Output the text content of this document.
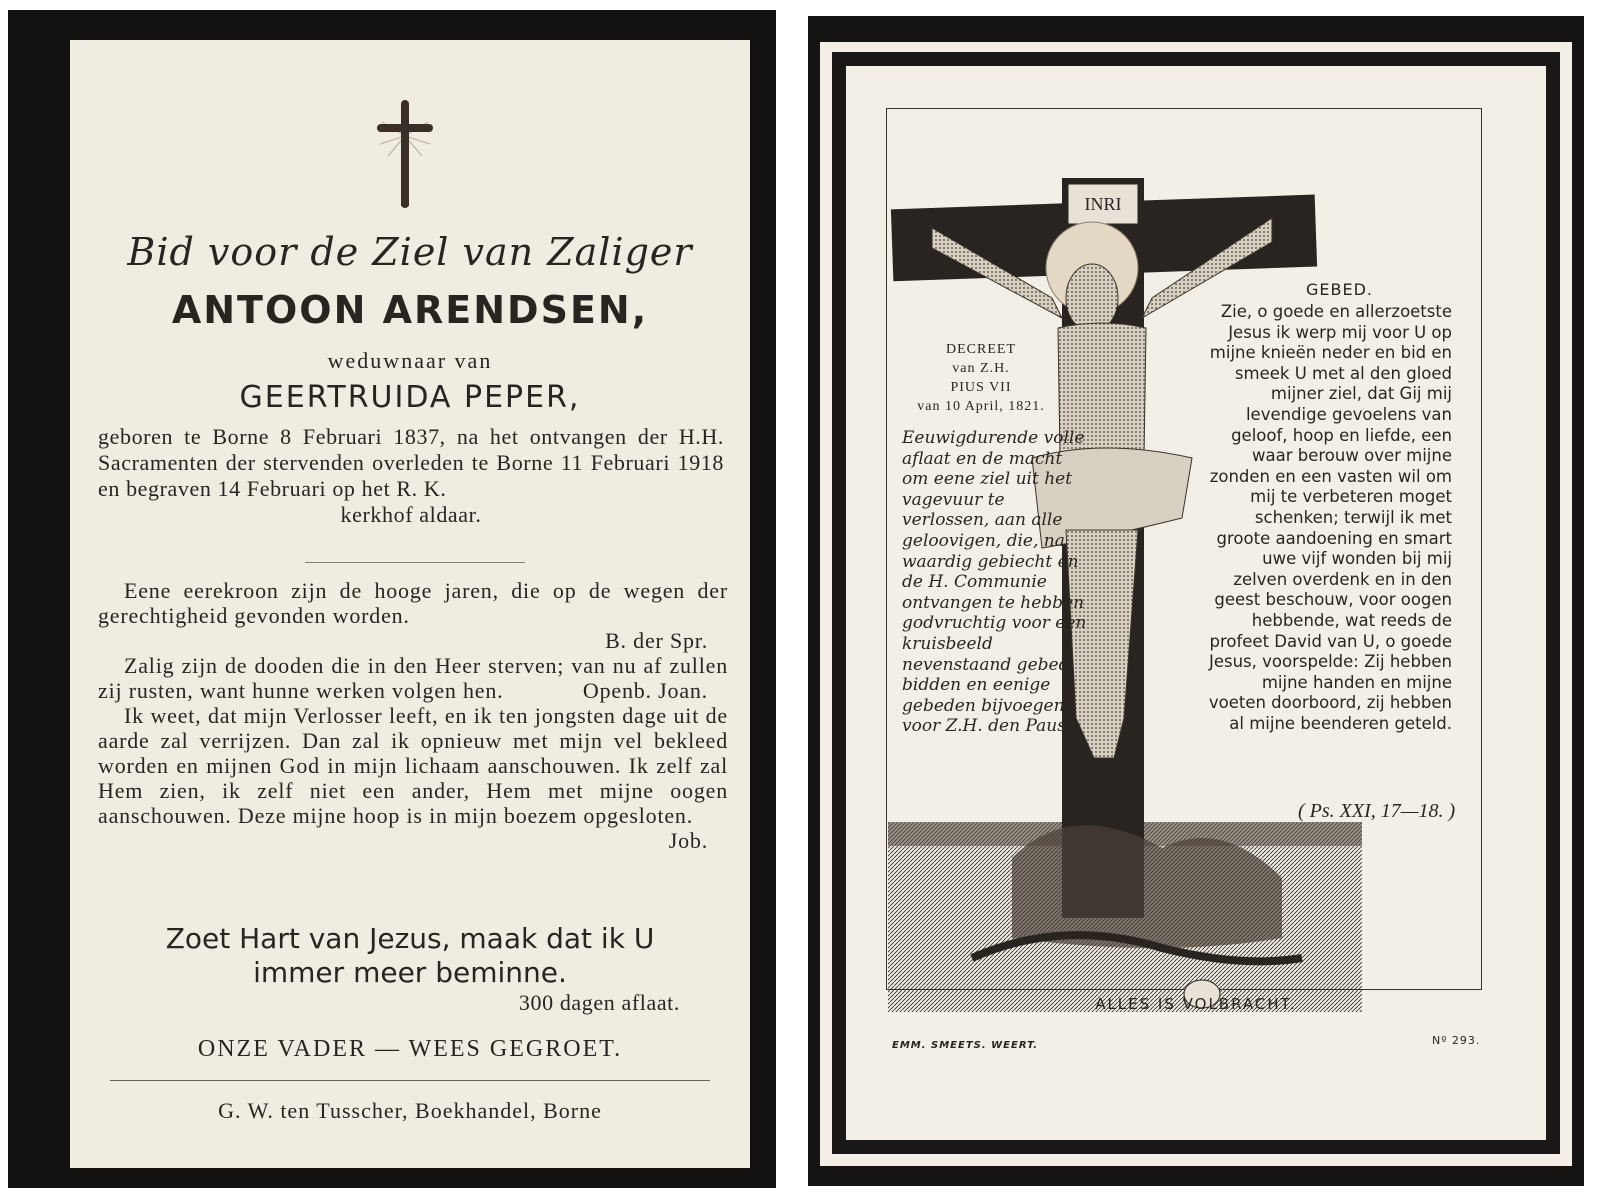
Bid voor de Ziel van Zaliger
ANTOON ARENDSEN,
weduwnaar van
GEERTRUIDA PEPER,
geboren te Borne 8 Februari 1837, na het ontvangen der H.H. Sacramenten der stervenden overleden te Borne 11 Februari 1918 en begraven 14 Februari op het R. K.
kerkhof aldaar.

Eene eerekroon zijn de hooge jaren, die op de wegen der gerechtigheid gevonden worden.

B. der Spr.

Zalig zijn de dooden die in den Heer sterven; van nu af zullen zij rusten, want hunne werken volgen hen.	Openb. Joan.

Ik weet, dat mijn Verlosser leeft, en ik ten jongsten dage uit de aarde zal verrijzen. Dan zal ik opnieuw met mijn vel bekleed worden en mijnen God in mijn lichaam aanschouwen. Ik zelf zal Hem zien, ik zelf niet een ander, Hem met mijne oogen aanschouwen. Deze mijne hoop is in mijn boezem opgesloten.
Job.

Zoet Hart van Jezus, maak dat ik U
immer meer beminne.
300 dagen aflaat.
ONZE VADER — WEES GEGROET.
G. W. ten Tusscher, Boekhandel, Borne
INRI
DECREET
van Z.H.
PIUS VII
van 10 April, 1821.
Eeuwigdurende volle aflaat en de macht om eene ziel uit het vagevuur te verlossen, aan alle geloovigen, die, na waardig gebiecht en de H. Communie ontvangen te hebben godvruchtig voor een kruisbeeld nevenstaand gebed bidden en eenige gebeden bijvoegen voor Z.H. den Paus.
GEBED.
Zie, o goede en allerzoetste Jesus ik werp mij voor U op mijne knieën neder en bid en smeek U met al den gloed mijner ziel, dat Gij mij levendige gevoelens van geloof, hoop en liefde, een waar berouw over mijne zonden en een vasten wil om mij te verbeteren moget schenken; terwijl ik met groote aandoening en smart uwe vijf wonden bij mij zelven overdenk en in den geest beschouw, voor oogen hebbende, wat reeds de profeet David van U, o goede Jesus, voorspelde: Zij hebben mijne handen en mijne voeten doorboord, zij hebben al mijne beenderen geteld.
( Ps. XXI, 17—18. )
ALLES IS VOLBRACHT.
EMM. SMEETS. WEERT.	Nº 293.
